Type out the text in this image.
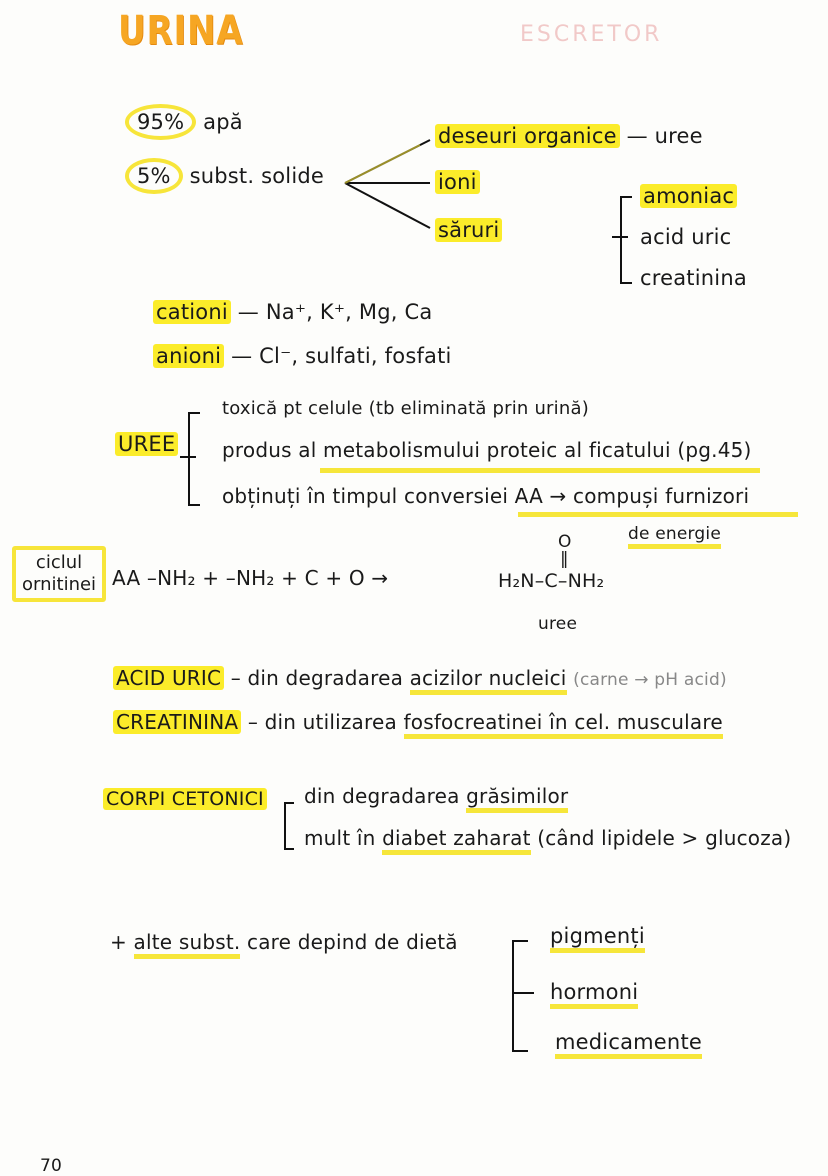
URINA	ESCRETOR
95% apă
5% subst. solide
deseuri organice — uree
ioni
săruri
amoniac
acid uric
creatinina
cationi — Na⁺, K⁺, Mg, Ca
anioni — Cl⁻, sulfati, fosfati
UREE
toxică pt celule (tb eliminată prin urină)
produs al metabolismului proteic al ficatului (pg.45)
obținuți în timpul conversiei AA → compuși furnizori
de energie
ciclul
ornitinei AA –NH₂ + –NH₂ + C + O →
O
‖
H₂N–C–NH₂
uree
ACID URIC – din degradarea acizilor nucleici (carne → pH acid)
CREATININA – din utilizarea fosfocreatinei în cel. musculare
CORPI CETONICI din degradarea grăsimilor
mult în diabet zaharat (când lipidele > glucoza)
+ alte subst. care depind de dietă	pigmenți
hormoni
medicamente
70
